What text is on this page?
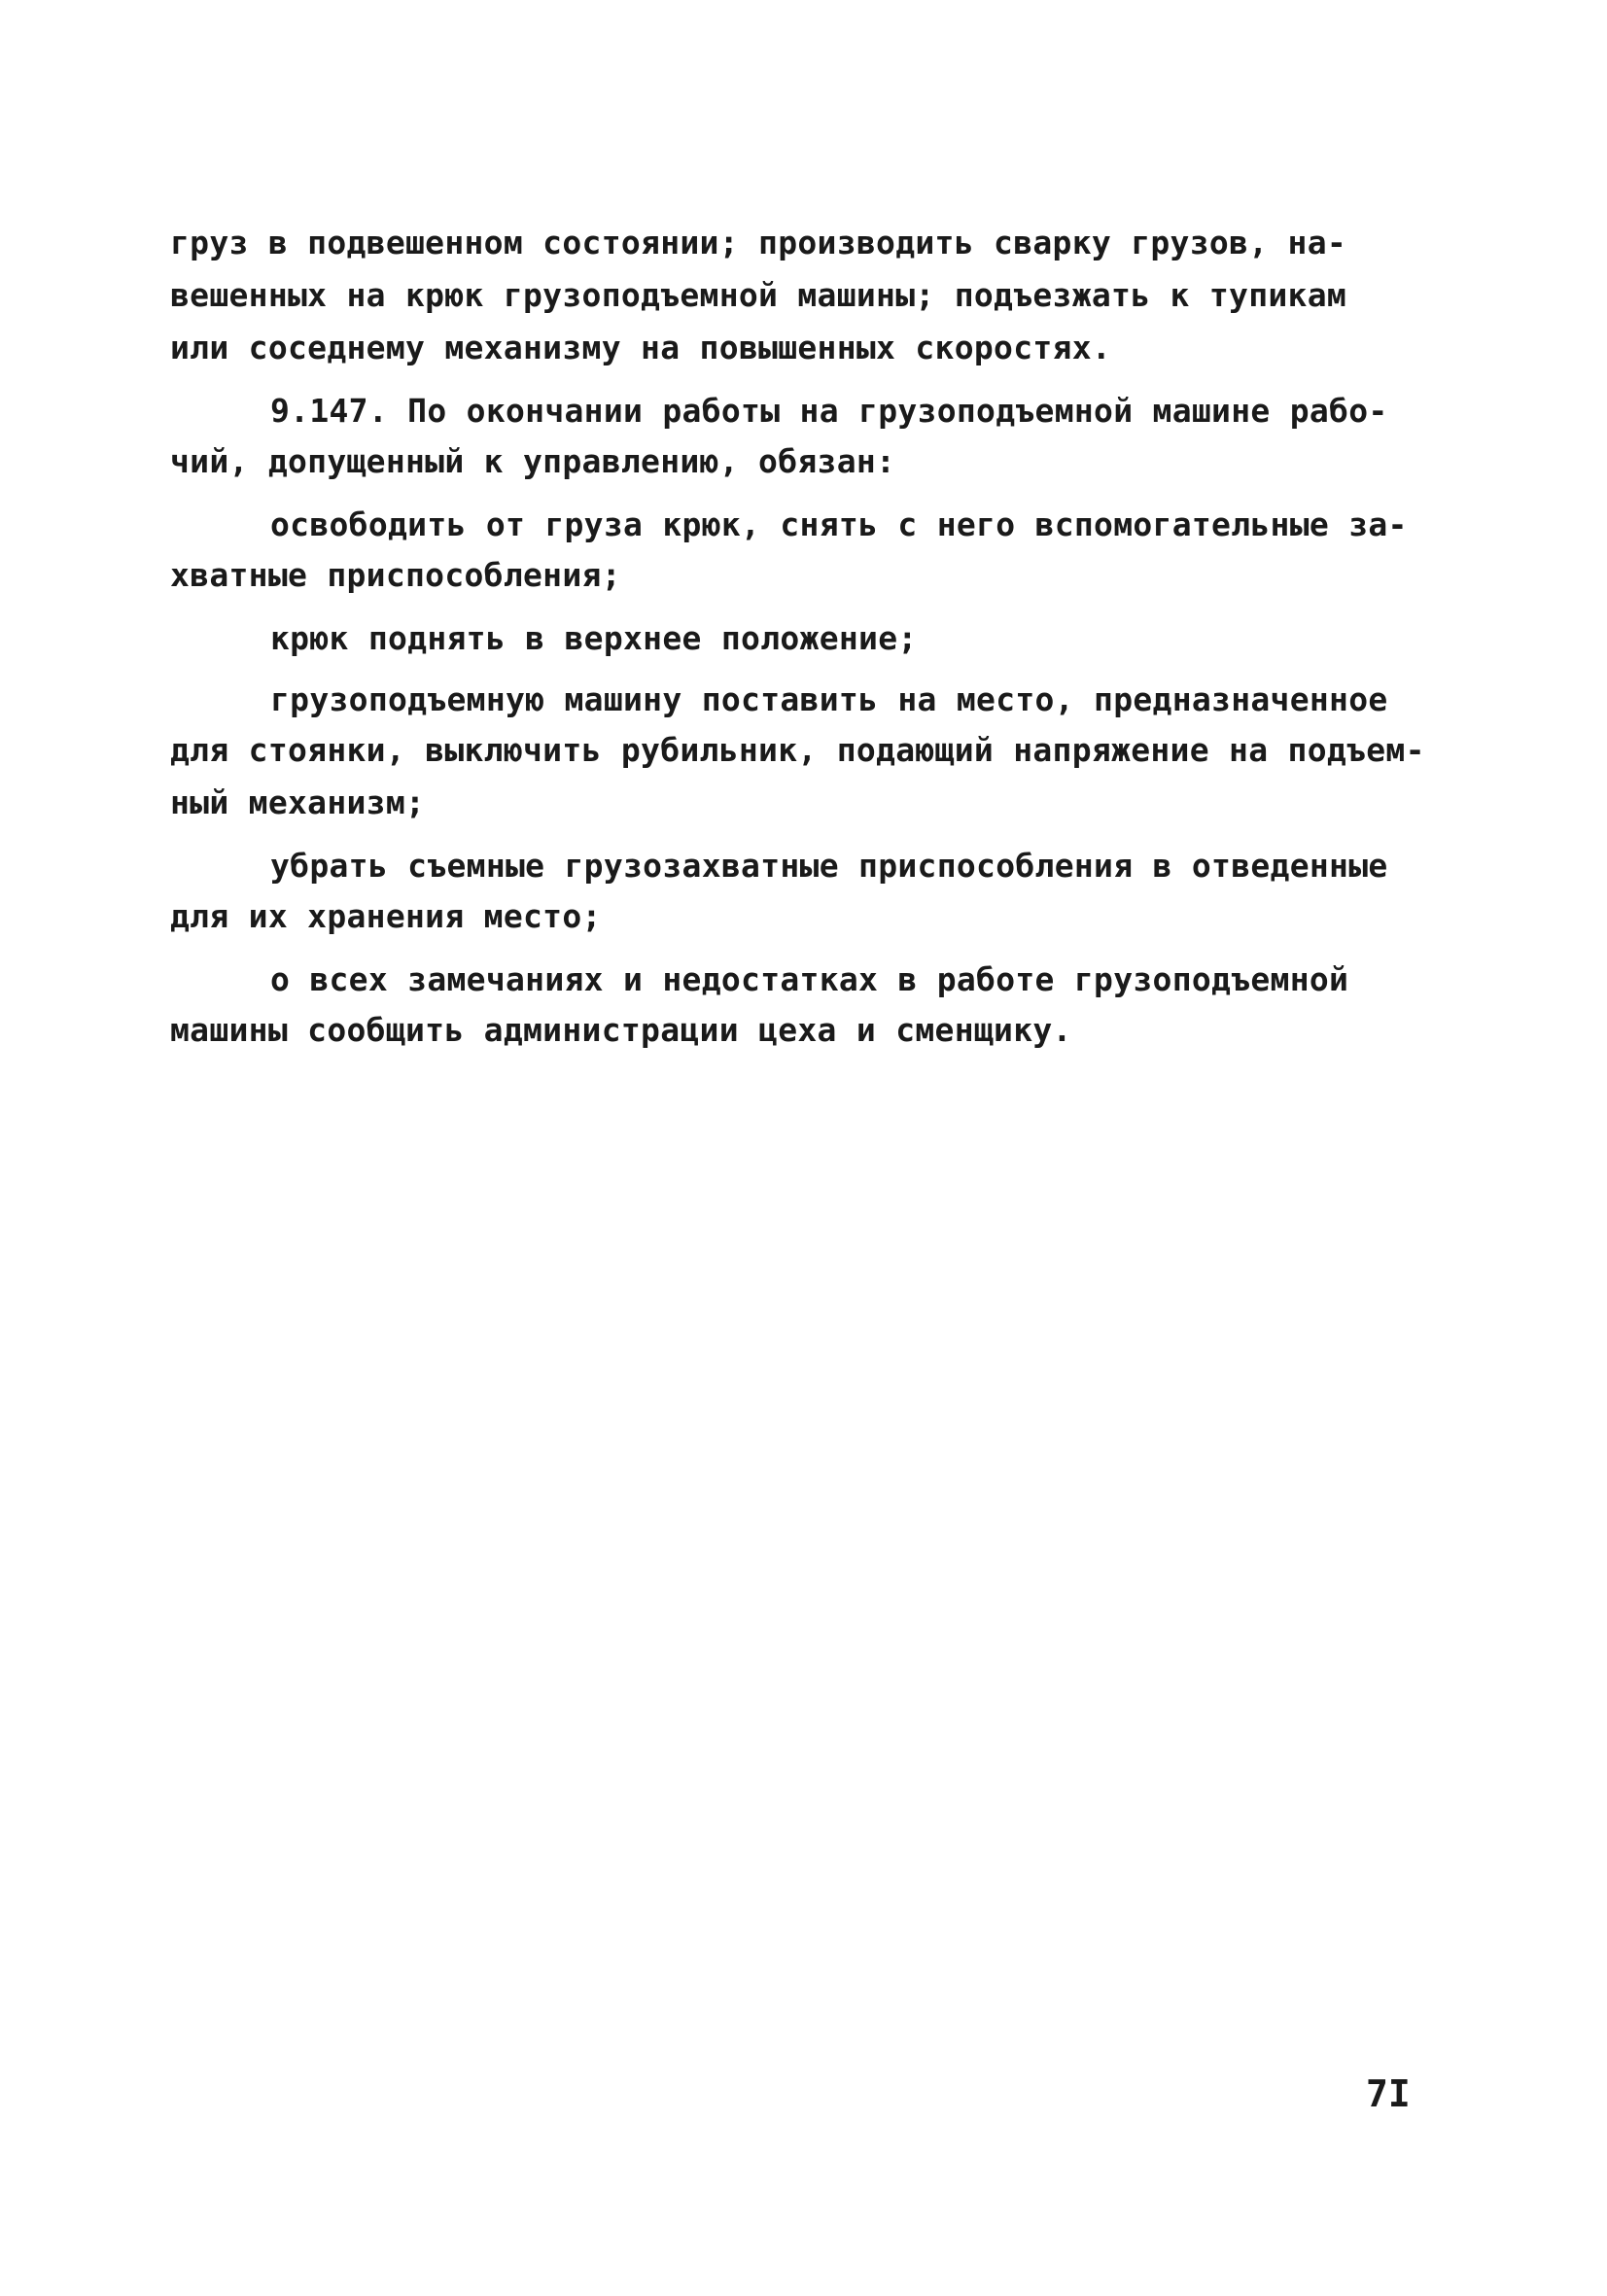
груз в подвешенном состоянии; производить сварку грузов, на-
вешенных на крюк грузоподъемной машины; подъезжать к тупикам
или соседнему механизму на повышенных скоростях.
9.147. По окончании работы на грузоподъемной машине рабо-
чий, допущенный к управлению, обязан:
освободить от груза крюк, снять с него вспомогательные за-
хватные приспособления;
крюк поднять в верхнее положение;
грузоподъемную машину поставить на место, предназначенное
для стоянки, выключить рубильник, подающий напряжение на подъем-
ный механизм;
убрать съемные грузозахватные приспособления в отведенные
для их хранения место;
о всех замечаниях и недостатках в работе грузоподъемной
машины сообщить администрации цеха и сменщику.
7I
